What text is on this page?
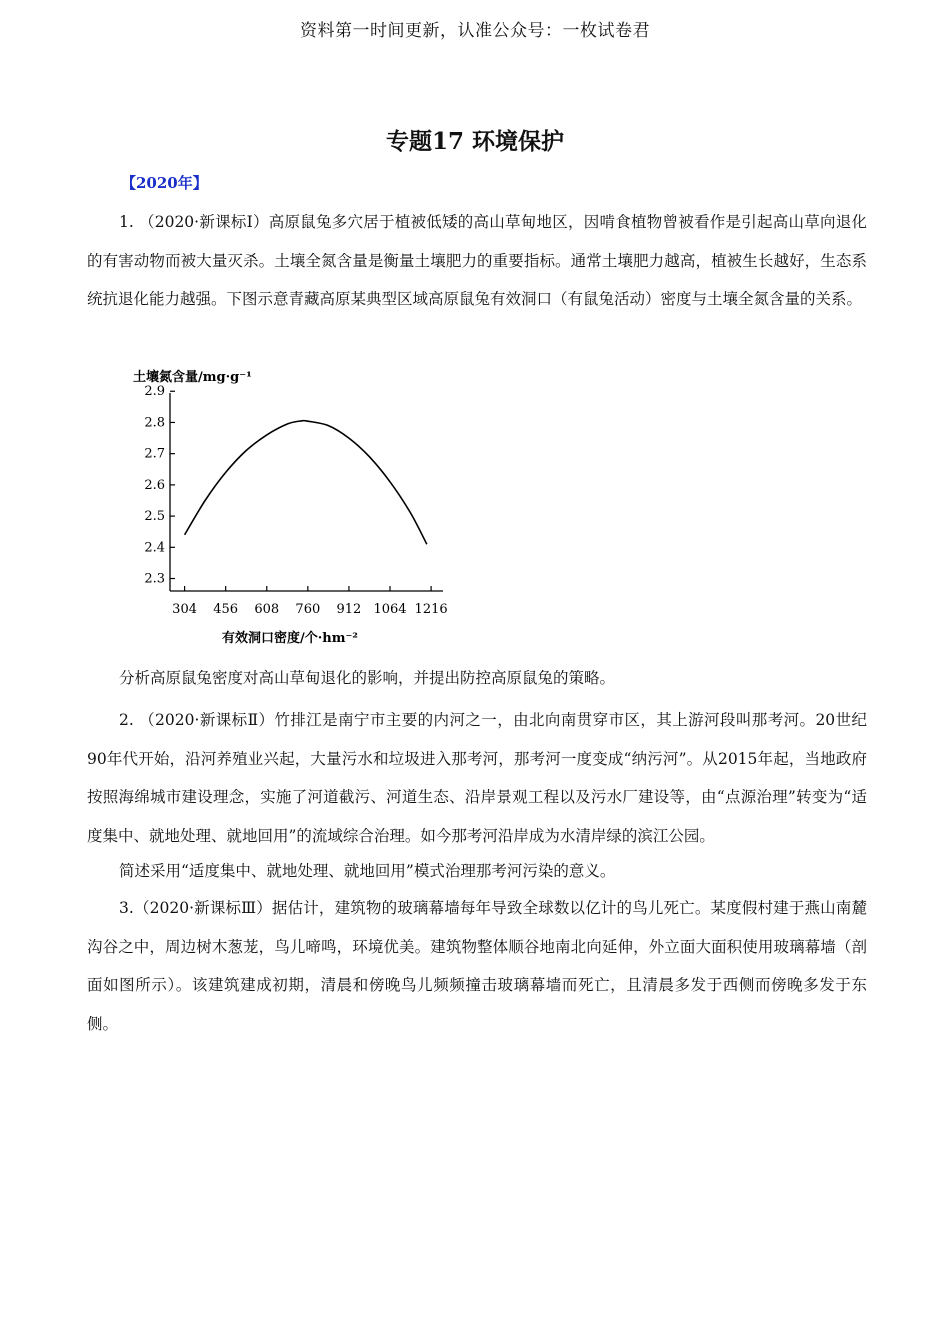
资料第一时间更新，认准公众号：一枚试卷君
专题17 环境保护
【2020年】

1. （2020·新课标Ⅰ）高原鼠兔多穴居于植被低矮的高山草甸地区，因啃食植物曾被看作是引起高山草向退化的有害动物而被大量灭杀。土壤全氮含量是衡量土壤肥力的重要指标。通常土壤肥力越高，植被生长越好，生态系统抗退化能力越强。下图示意青藏高原某典型区域高原鼠兔有效洞口（有鼠兔活动）密度与土壤全氮含量的关系。

土壤氮含量/mg·g⁻¹
2.3
2.4
2.5
2.6
2.7
2.8
2.9
304 456 608 760 912 1064 1216
有效洞口密度/个·hm⁻²

分析高原鼠兔密度对高山草甸退化的影响，并提出防控高原鼠兔的策略。

2. （2020·新课标Ⅱ）竹排江是南宁市主要的内河之一，由北向南贯穿市区，其上游河段叫那考河。20世纪90年代开始，沿河养殖业兴起，大量污水和垃圾进入那考河，那考河一度变成“纳污河”。从2015年起，当地政府按照海绵城市建设理念，实施了河道截污、河道生态、沿岸景观工程以及污水厂建设等，由“点源治理”转变为“适度集中、就地处理、就地回用”的流域综合治理。如今那考河沿岸成为水清岸绿的滨江公园。

简述采用“适度集中、就地处理、就地回用”模式治理那考河污染的意义。

3.（2020·新课标Ⅲ）据估计，建筑物的玻璃幕墙每年导致全球数以亿计的鸟儿死亡。某度假村建于燕山南麓沟谷之中，周边树木葱茏，鸟儿啼鸣，环境优美。建筑物整体顺谷地南北向延伸，外立面大面积使用玻璃幕墙（剖面如图所示）。该建筑建成初期，清晨和傍晚鸟儿频频撞击玻璃幕墙而死亡，且清晨多发于西侧而傍晚多发于东侧。
